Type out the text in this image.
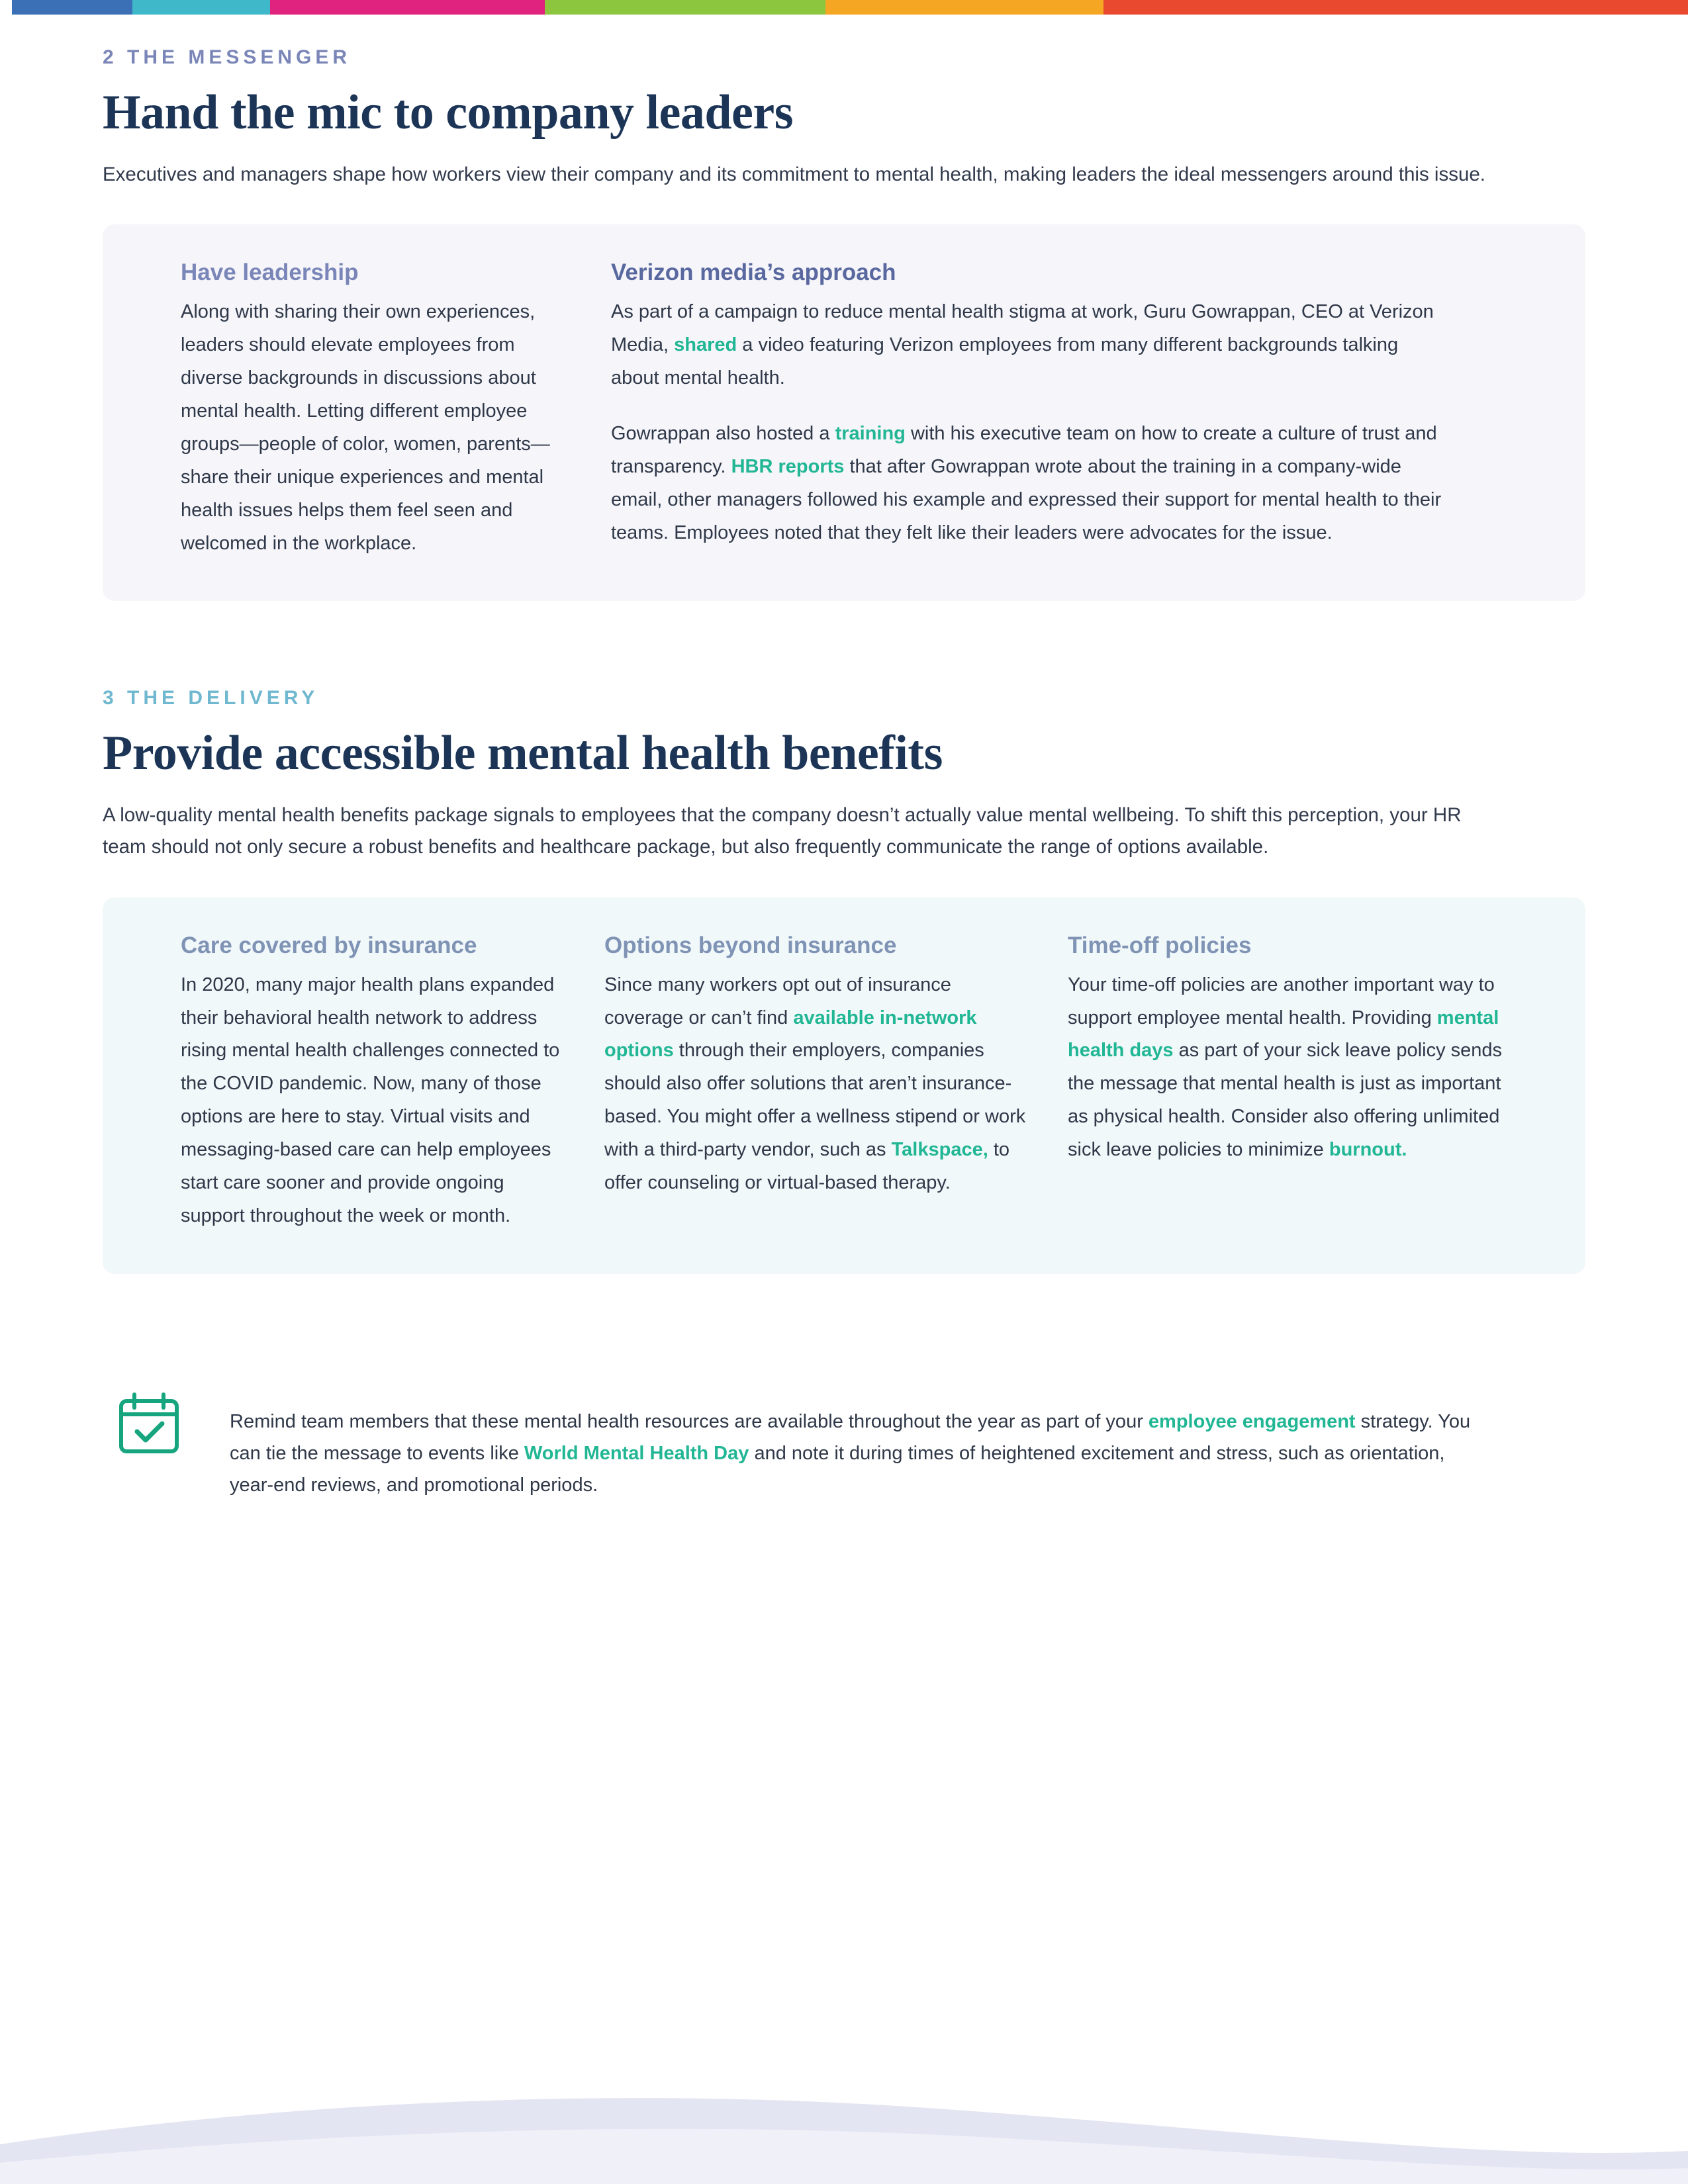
2 THE MESSENGER

Hand the mic to company leaders

Executives and managers shape how workers view their company and its commitment to mental health, making leaders the ideal messengers around this issue.

Have leadership

Along with sharing their own experiences, leaders should elevate employees from diverse backgrounds in discussions about mental health. Letting different employee groups—people of color, women, parents—share their unique experiences and mental health issues helps them feel seen and welcomed in the workplace.

Verizon media’s approach

As part of a campaign to reduce mental health stigma at work, Guru Gowrappan, CEO at Verizon Media, shared a video featuring Verizon employees from many different backgrounds talking about mental health.

Gowrappan also hosted a training with his executive team on how to create a culture of trust and transparency. HBR reports that after Gowrappan wrote about the training in a company-wide email, other managers followed his example and expressed their support for mental health to their teams. Employees noted that they felt like their leaders were advocates for the issue.

3 THE DELIVERY

Provide accessible mental health benefits

A low-quality mental health benefits package signals to employees that the company doesn’t actually value mental wellbeing. To shift this perception, your HR team should not only secure a robust benefits and healthcare package, but also frequently communicate the range of options available.

Care covered by insurance

In 2020, many major health plans expanded their behavioral health network to address rising mental health challenges connected to the COVID pandemic. Now, many of those options are here to stay. Virtual visits and messaging-based care can help employees start care sooner and provide ongoing support throughout the week or month.

Options beyond insurance

Since many workers opt out of insurance coverage or can’t find available in-network options through their employers, companies should also offer solutions that aren’t insurance-based. You might offer a wellness stipend or work with a third-party vendor, such as Talkspace, to offer counseling or virtual-based therapy.

Time-off policies

Your time-off policies are another important way to support employee mental health. Providing mental health days as part of your sick leave policy sends the message that mental health is just as important as physical health. Consider also offering unlimited sick leave policies to minimize burnout.

Remind team members that these mental health resources are available throughout the year as part of your employee engagement strategy. You can tie the message to events like World Mental Health Day and note it during times of heightened excitement and stress, such as orientation, year-end reviews, and promotional periods.
